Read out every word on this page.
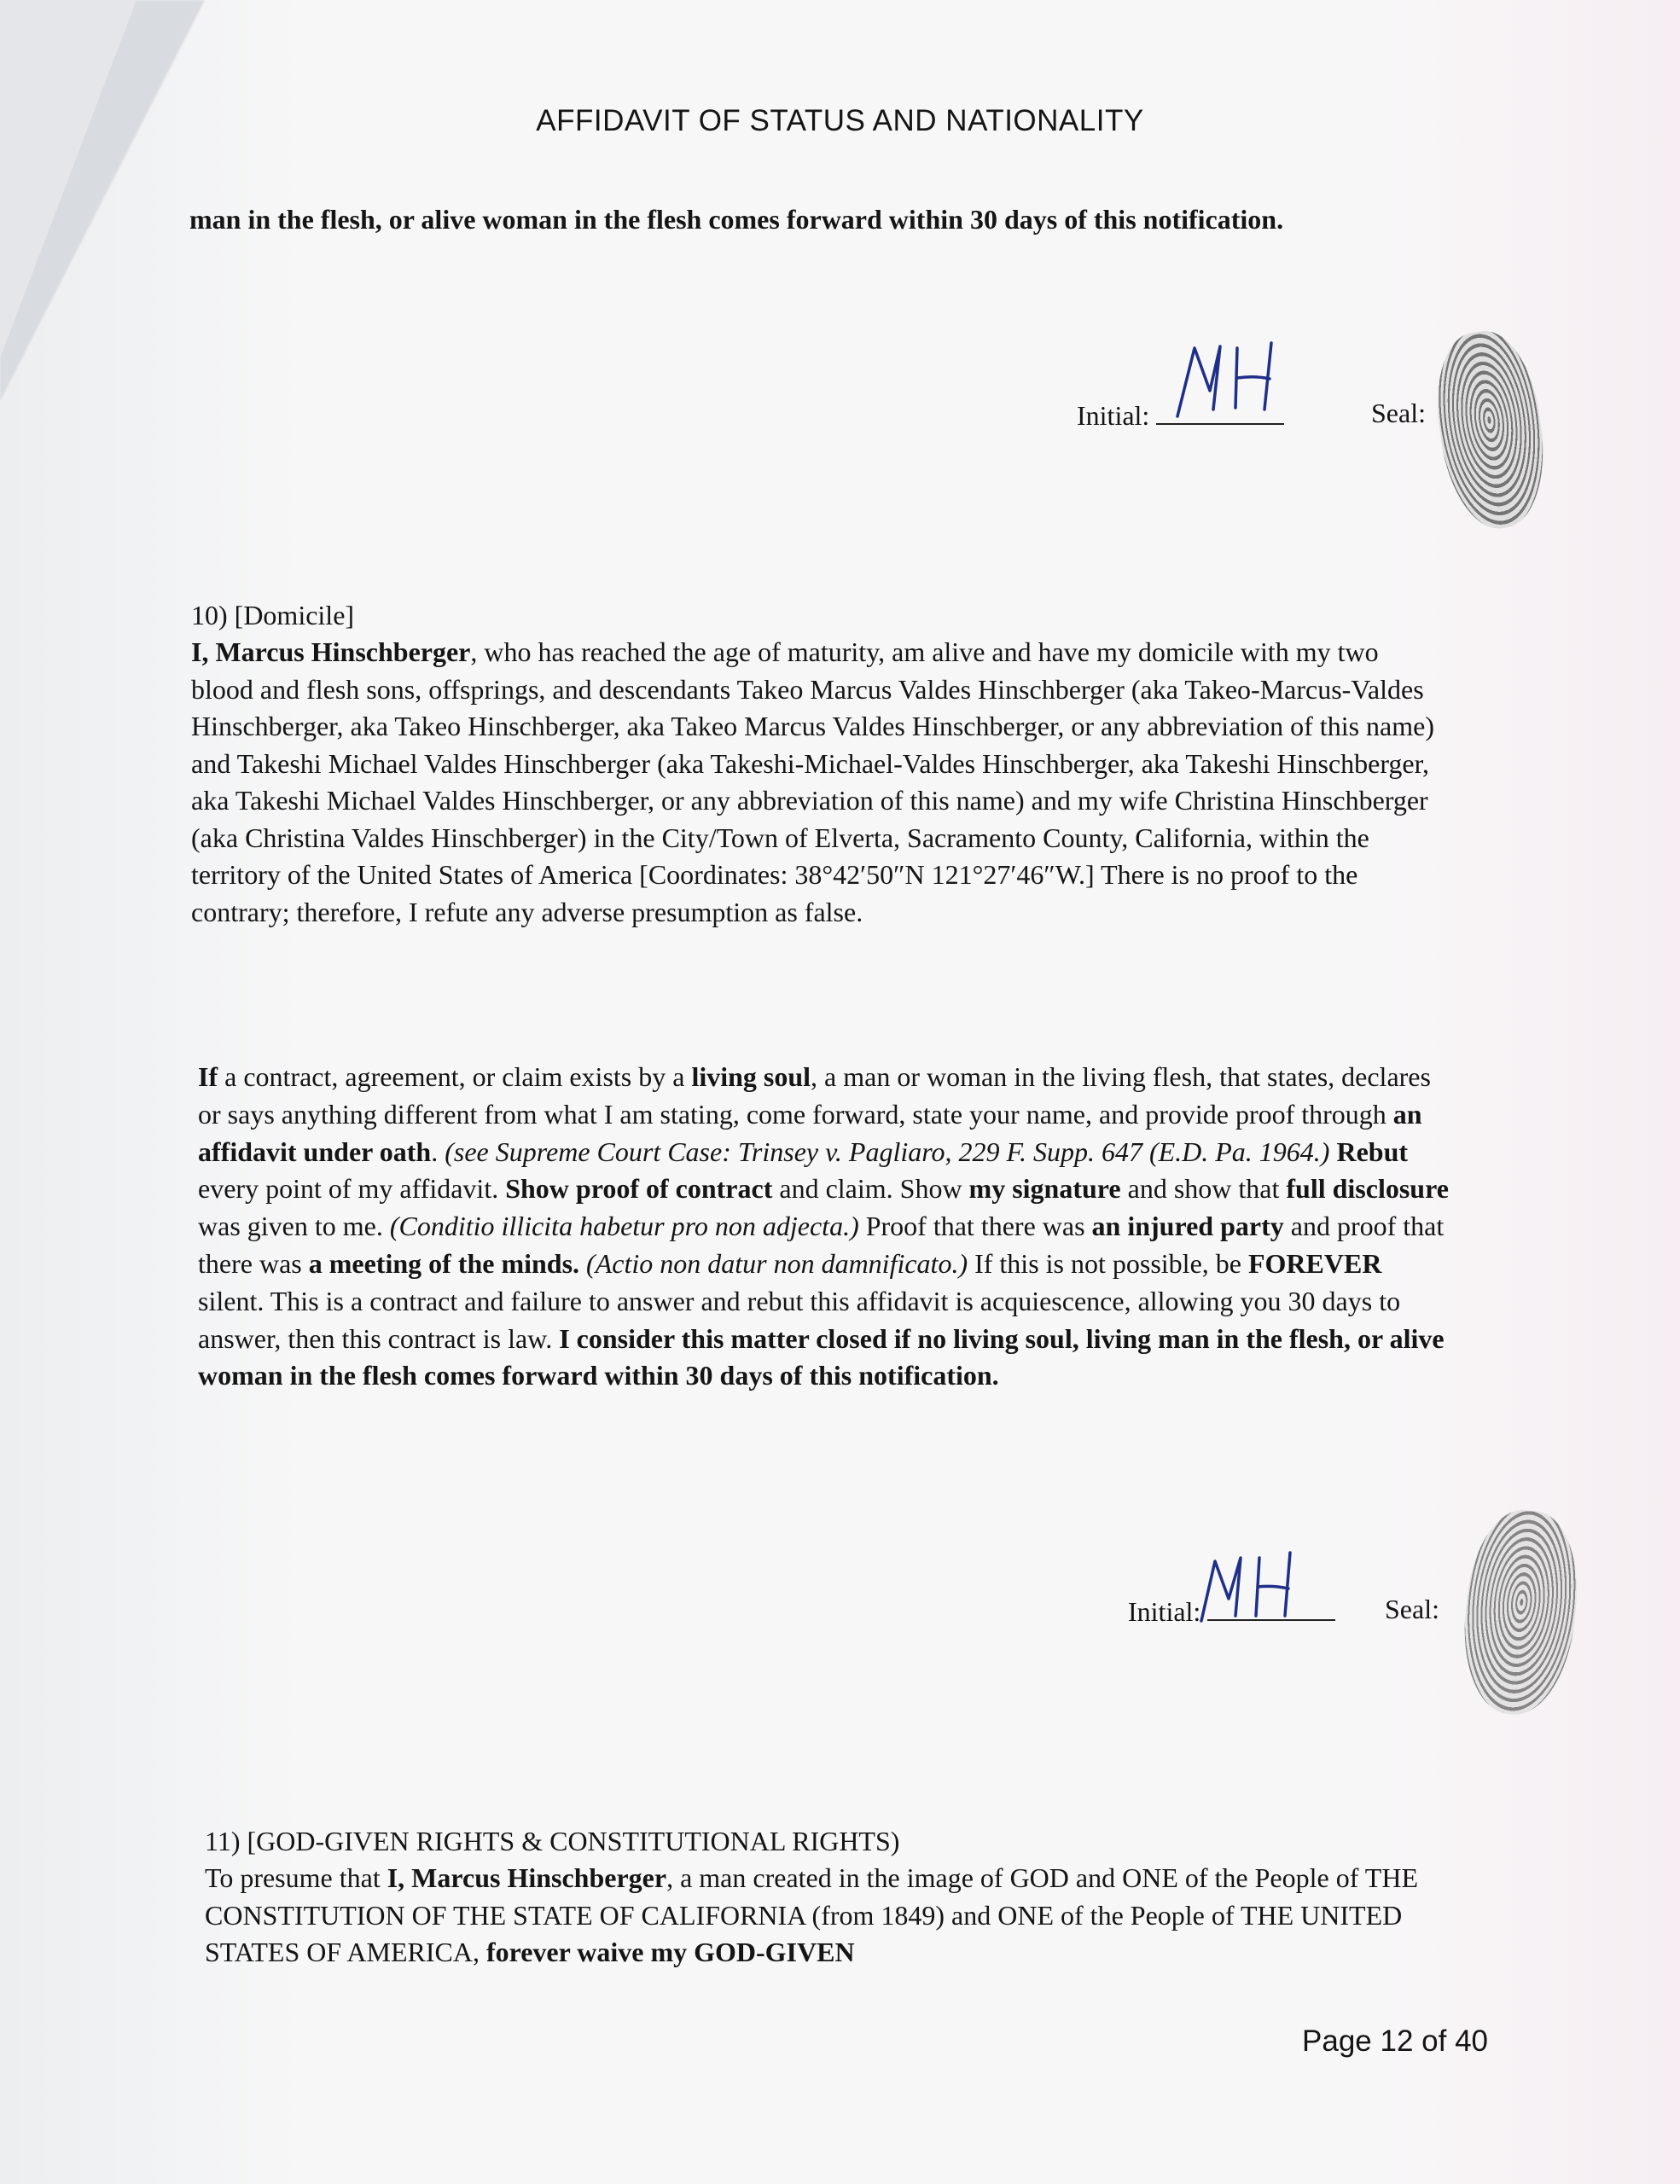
AFFIDAVIT OF STATUS AND NATIONALITY

man in the flesh, or alive woman in the flesh comes forward within 30 days of this notification.

Initial:	Seal:

10) [Domicile]

I, Marcus Hinschberger, who has reached the age of maturity, am alive and have my domicile with my two blood and flesh sons, offsprings, and descendants Takeo Marcus Valdes Hinschberger (aka Takeo-Marcus-Valdes Hinschberger, aka Takeo Hinschberger, aka Takeo Marcus Valdes Hinschberger, or any abbreviation of this name) and Takeshi Michael Valdes Hinschberger (aka Takeshi-Michael-Valdes Hinschberger, aka Takeshi Hinschberger, aka Takeshi Michael Valdes Hinschberger, or any abbreviation of this name) and my wife Christina Hinschberger (aka Christina Valdes Hinschberger) in the City/Town of Elverta, Sacramento County, California, within the territory of the United States of America [Coordinates: 38°42′50″N 121°27′46″W.] There is no proof to the contrary; therefore, I refute any adverse presumption as false.

If a contract, agreement, or claim exists by a living soul, a man or woman in the living flesh, that states, declares or says anything different from what I am stating, come forward, state your name, and provide proof through an affidavit under oath. (see Supreme Court Case: Trinsey v. Pagliaro, 229 F. Supp. 647 (E.D. Pa. 1964.) Rebut every point of my affidavit. Show proof of contract and claim. Show my signature and show that full disclosure was given to me. (Conditio illicita habetur pro non adjecta.) Proof that there was an injured party and proof that there was a meeting of the minds. (Actio non datur non damnificato.) If this is not possible, be FOREVER silent. This is a contract and failure to answer and rebut this affidavit is acquiescence, allowing you 30 days to answer, then this contract is law. I consider this matter closed if no living soul, living man in the flesh, or alive woman in the flesh comes forward within 30 days of this notification.

Initial:	Seal:

11) [GOD-GIVEN RIGHTS & CONSTITUTIONAL RIGHTS)

To presume that I, Marcus Hinschberger, a man created in the image of GOD and ONE of the People of THE CONSTITUTION OF THE STATE OF CALIFORNIA (from 1849) and ONE of the People of THE UNITED STATES OF AMERICA, forever waive my GOD-GIVEN

Page 12 of 40
